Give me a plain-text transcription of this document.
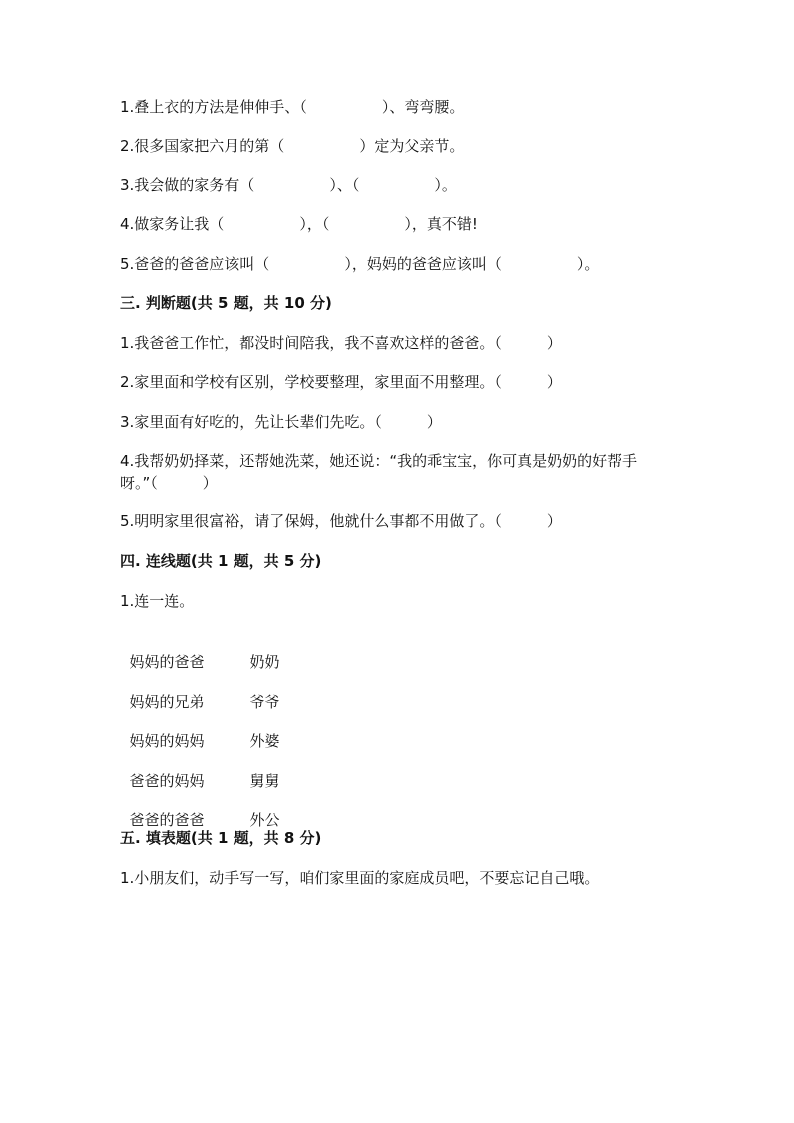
1.叠上衣的方法是伸伸手、（　　　　　）、弯弯腰。
2.很多国家把六月的第（　　　　　）定为父亲节。
3.我会做的家务有（　　　　　）、（　　　　　）。
4.做家务让我（　　　　　），（　　　　　），真不错!
5.爸爸的爸爸应该叫（　　　　　），妈妈的爸爸应该叫（　　　　　）。
三. 判断题(共 5 题，共 10 分)
1.我爸爸工作忙，都没时间陪我，我不喜欢这样的爸爸。（　　　）
2.家里面和学校有区别，学校要整理，家里面不用整理。（　　　）
3.家里面有好吃的，先让长辈们先吃。（　　　）
4.我帮奶奶择菜，还帮她洗菜，她还说：“我的乖宝宝，你可真是奶奶的好帮手呀。”（　　　）
5.明明家里很富裕，请了保姆，他就什么事都不用做了。（　　　）
四. 连线题(共 1 题，共 5 分)
1.连一连。

妈妈的爸爸	奶奶

妈妈的兄弟	爷爷

妈妈的妈妈	外婆

爸爸的妈妈	舅舅

爸爸的爸爸	外公

五. 填表题(共 1 题，共 8 分)
1.小朋友们，动手写一写，咱们家里面的家庭成员吧，不要忘记自己哦。
